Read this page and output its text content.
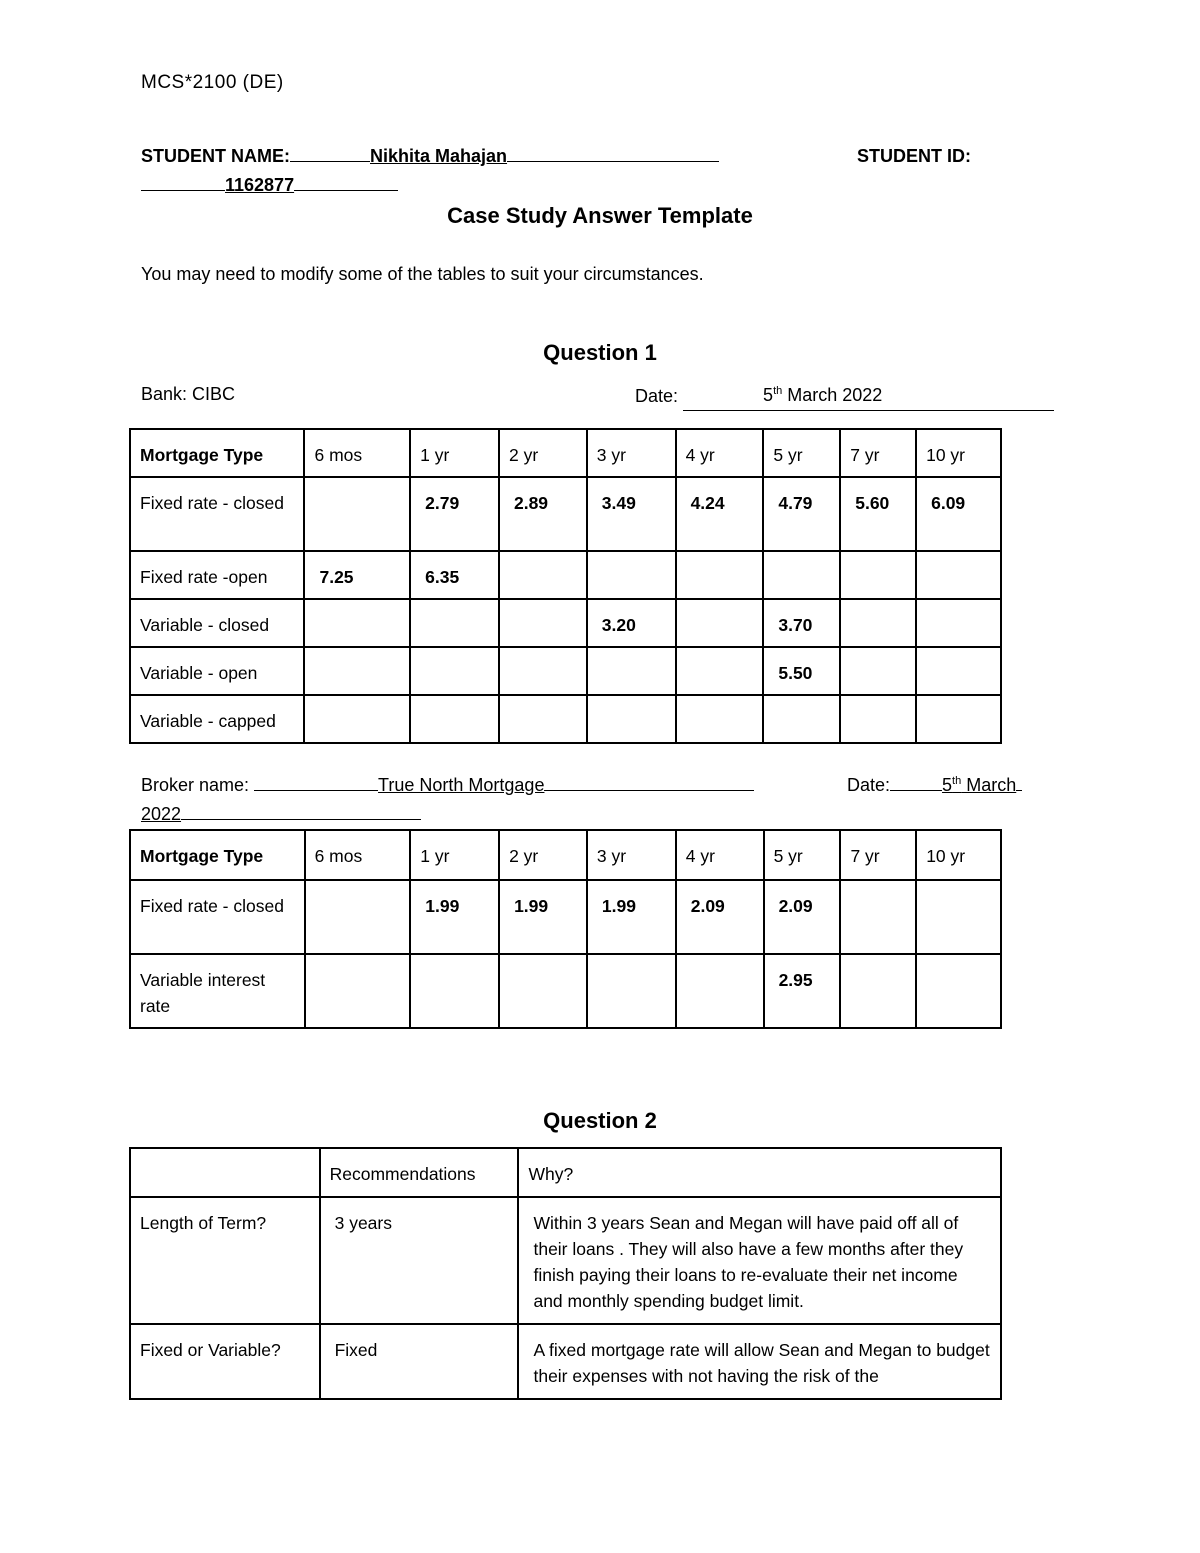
MCS*2100 (DE)
STUDENT NAME:	Nikhita Mahajan	STUDENT ID:
1162877
Case Study Answer Template
You may need to modify some of the tables to suit your circumstances.
Question 1
Bank: CIBC	Date:	5th March 2022
Mortgage Type	6 mos	1 yr	2 yr	3 yr	4 yr	5 yr	7 yr	10 yr
Fixed rate - closed		2.79	2.89	3.49	4.24	4.79	5.60	6.09
Fixed rate -open	7.25	6.35						
Variable - closed				3.20		3.70		
Variable - open						5.50		
Variable - capped								
Broker name:	True North Mortgage	Date:	5th March
2022
Mortgage Type	6 mos	1 yr	2 yr	3 yr	4 yr	5 yr	7 yr	10 yr
Fixed rate - closed		1.99	1.99	1.99	2.09	2.09		
Variable interest rate						2.95		
Question 2
	Recommendations	Why?
Length of Term?	3 years	Within 3 years Sean and Megan will have paid off all of their loans . They will also have a few months after they finish paying their loans to re-evaluate their net income and monthly spending budget limit.
Fixed or Variable?	Fixed	A fixed mortgage rate will allow Sean and Megan to budget their expenses with not having the risk of the
